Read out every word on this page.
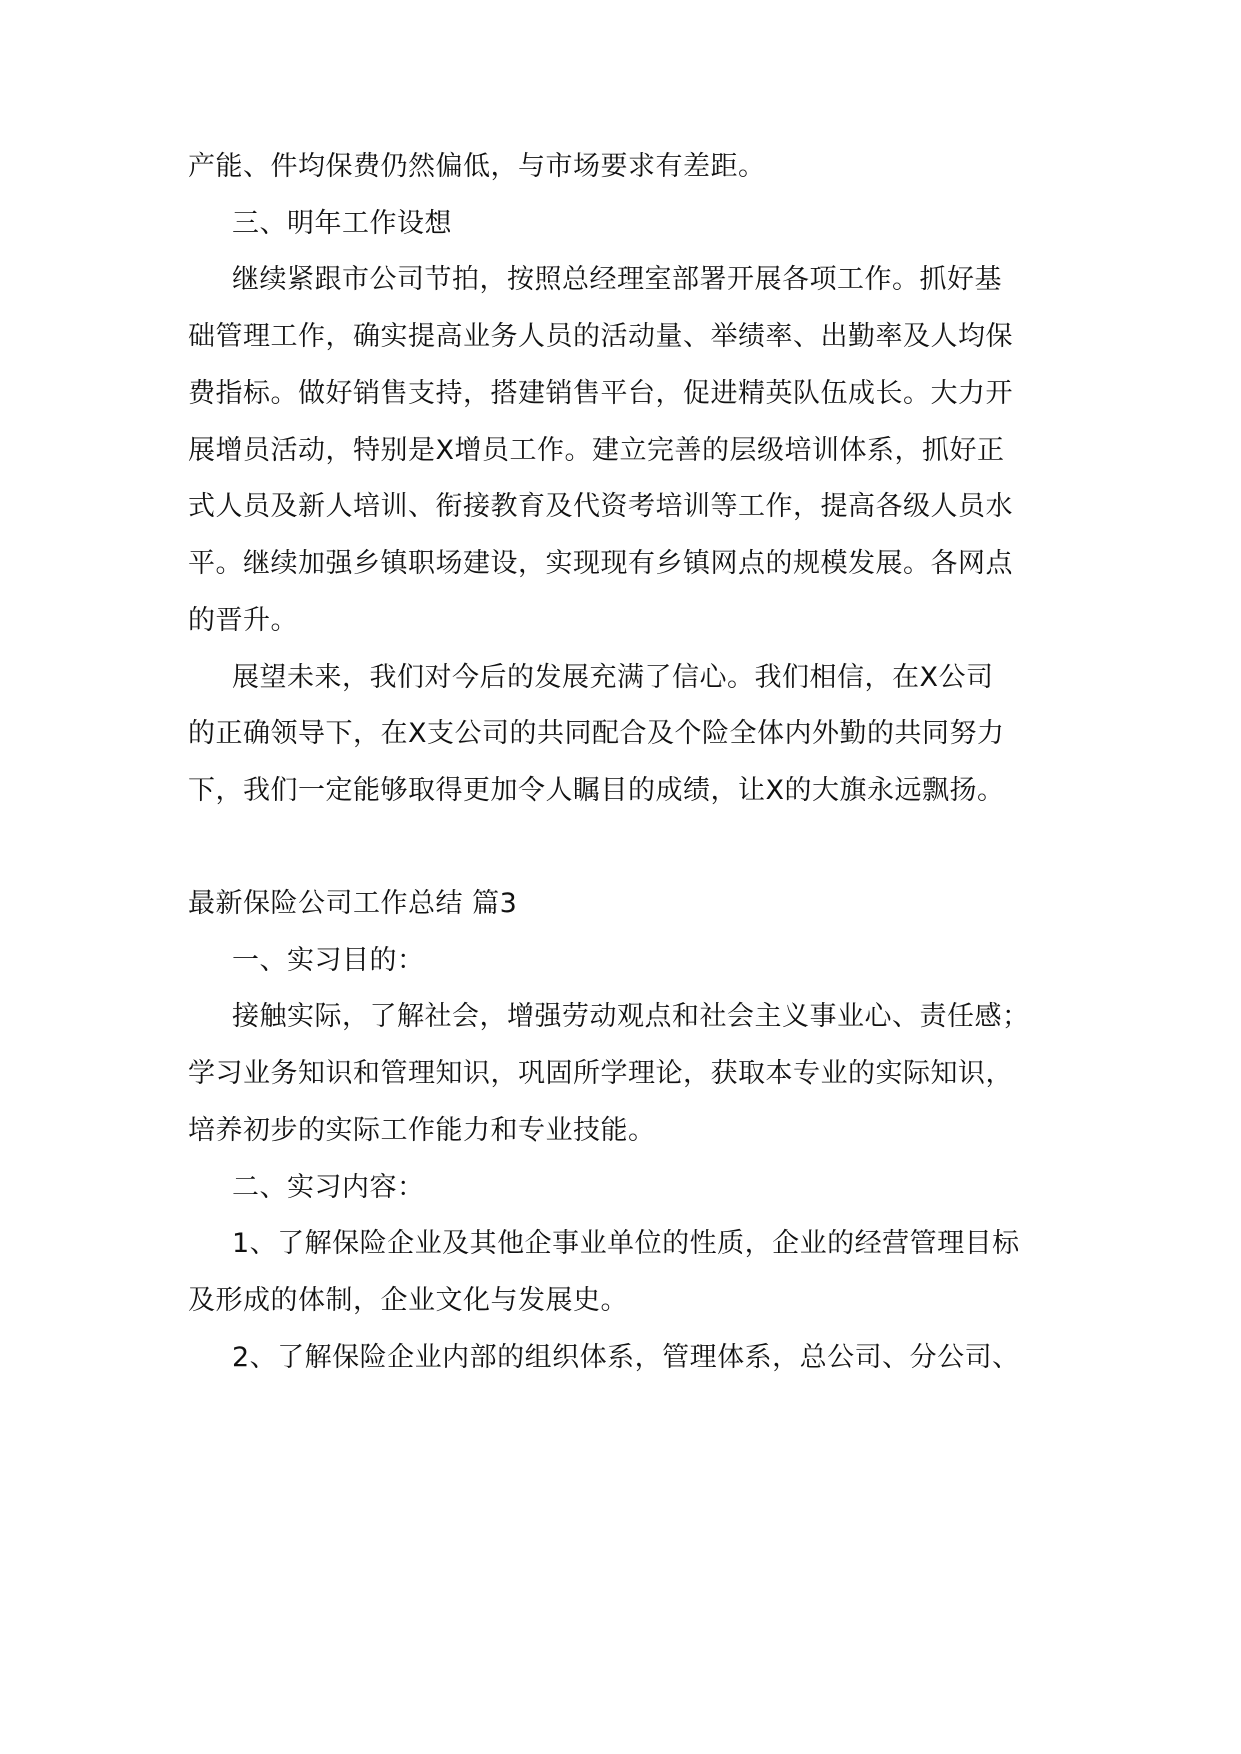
产能、件均保费仍然偏低，与市场要求有差距。
三、明年工作设想
继续紧跟市公司节拍，按照总经理室部署开展各项工作。抓好基
础管理工作，确实提高业务人员的活动量、举绩率、出勤率及人均保
费指标。做好销售支持，搭建销售平台，促进精英队伍成长。大力开
展增员活动，特别是X增员工作。建立完善的层级培训体系，抓好正
式人员及新人培训、衔接教育及代资考培训等工作，提高各级人员水
平。继续加强乡镇职场建设，实现现有乡镇网点的规模发展。各网点
的晋升。
展望未来，我们对今后的发展充满了信心。我们相信，在X公司
的正确领导下，在X支公司的共同配合及个险全体内外勤的共同努力
下，我们一定能够取得更加令人瞩目的成绩，让X的大旗永远飘扬。
最新保险公司工作总结 篇3
一、实习目的：
接触实际，了解社会，增强劳动观点和社会主义事业心、责任感；
学习业务知识和管理知识，巩固所学理论，获取本专业的实际知识，
培养初步的实际工作能力和专业技能。
二、实习内容：
1、了解保险企业及其他企事业单位的性质，企业的经营管理目标
及形成的体制，企业文化与发展史。
2、了解保险企业内部的组织体系，管理体系，总公司、分公司、
